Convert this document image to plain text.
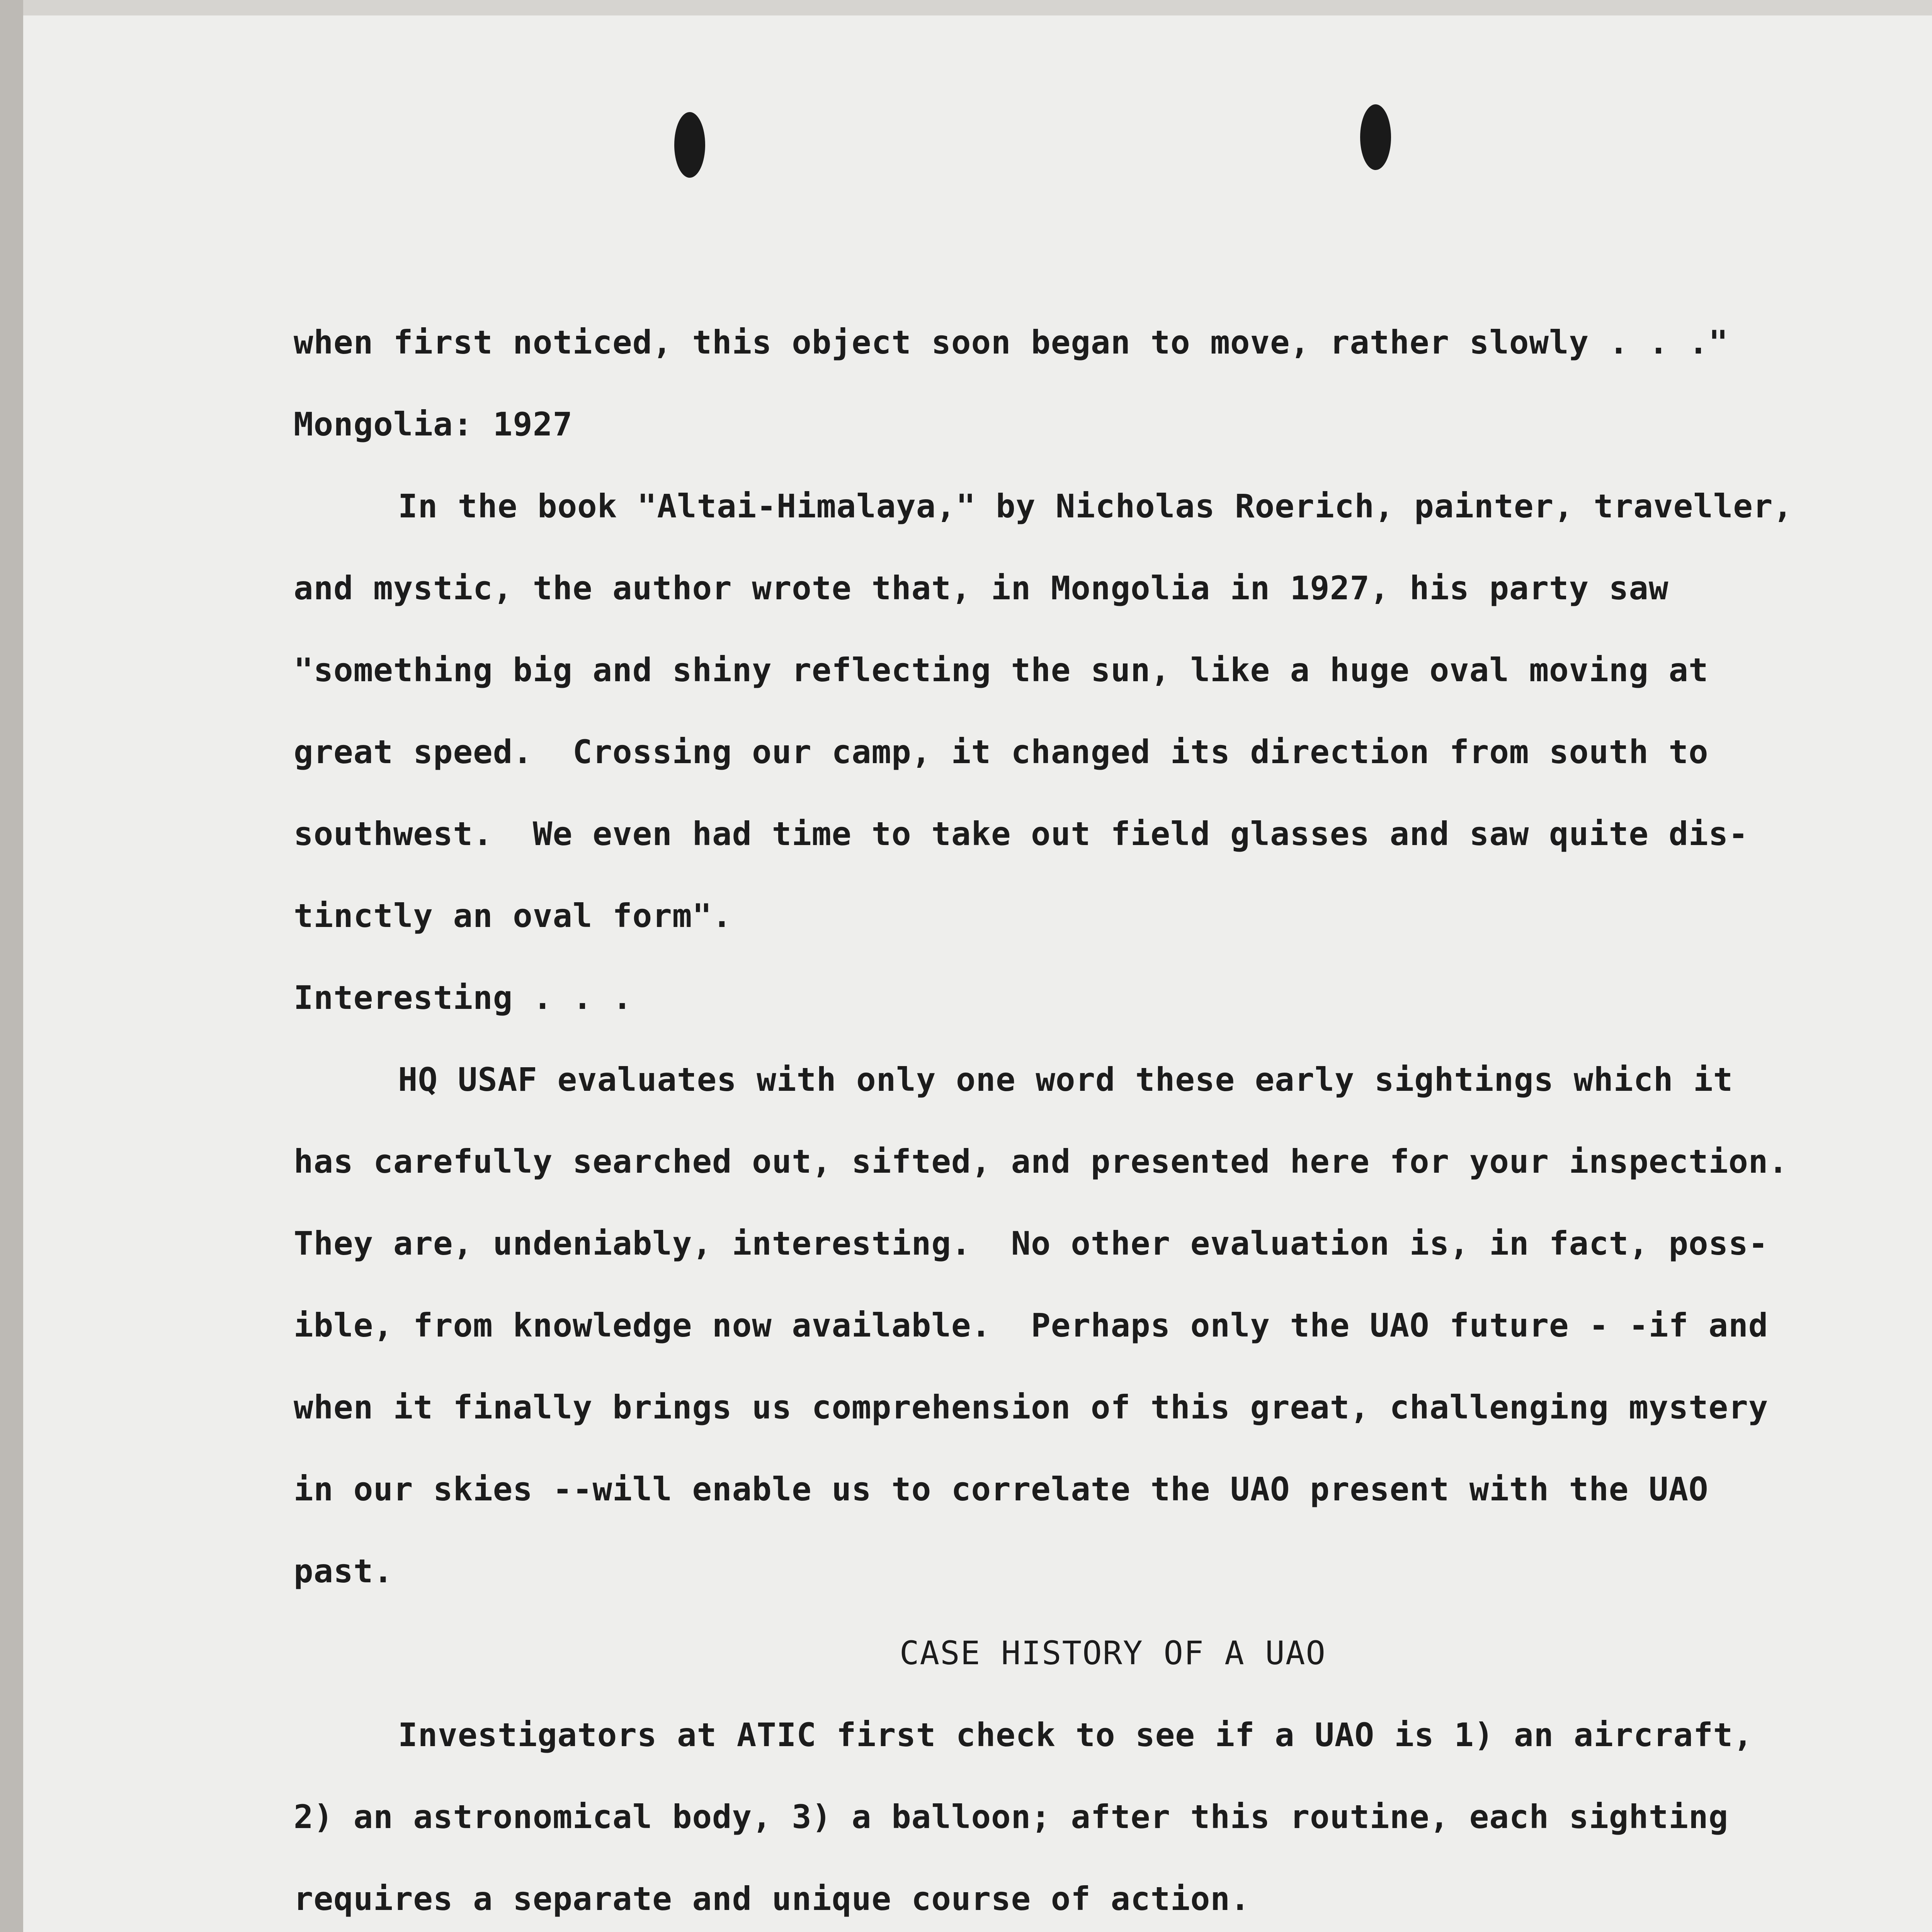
when first noticed, this object soon began to move, rather slowly . . ."

Mongolia: 1927

In the book "Altai-Himalaya," by Nicholas Roerich, painter, traveller,

and mystic, the author wrote that, in Mongolia in 1927, his party saw

"something big and shiny reflecting the sun, like a huge oval moving at

great speed.  Crossing our camp, it changed its direction from south to

southwest.  We even had time to take out field glasses and saw quite dis-

tinctly an oval form".

Interesting . . .

HQ USAF evaluates with only one word these early sightings which it

has carefully searched out, sifted, and presented here for your inspection.

They are, undeniably, interesting.  No other evaluation is, in fact, poss-

ible, from knowledge now available.  Perhaps only the UAO future - -if and

when it finally brings us comprehension of this great, challenging mystery

in our skies --will enable us to correlate the UAO present with the UAO

past.

CASE HISTORY OF A UAO

Investigators at ATIC first check to see if a UAO is 1) an aircraft,

2) an astronomical body, 3) a balloon; after this routine, each sighting

requires a separate and unique course of action.
